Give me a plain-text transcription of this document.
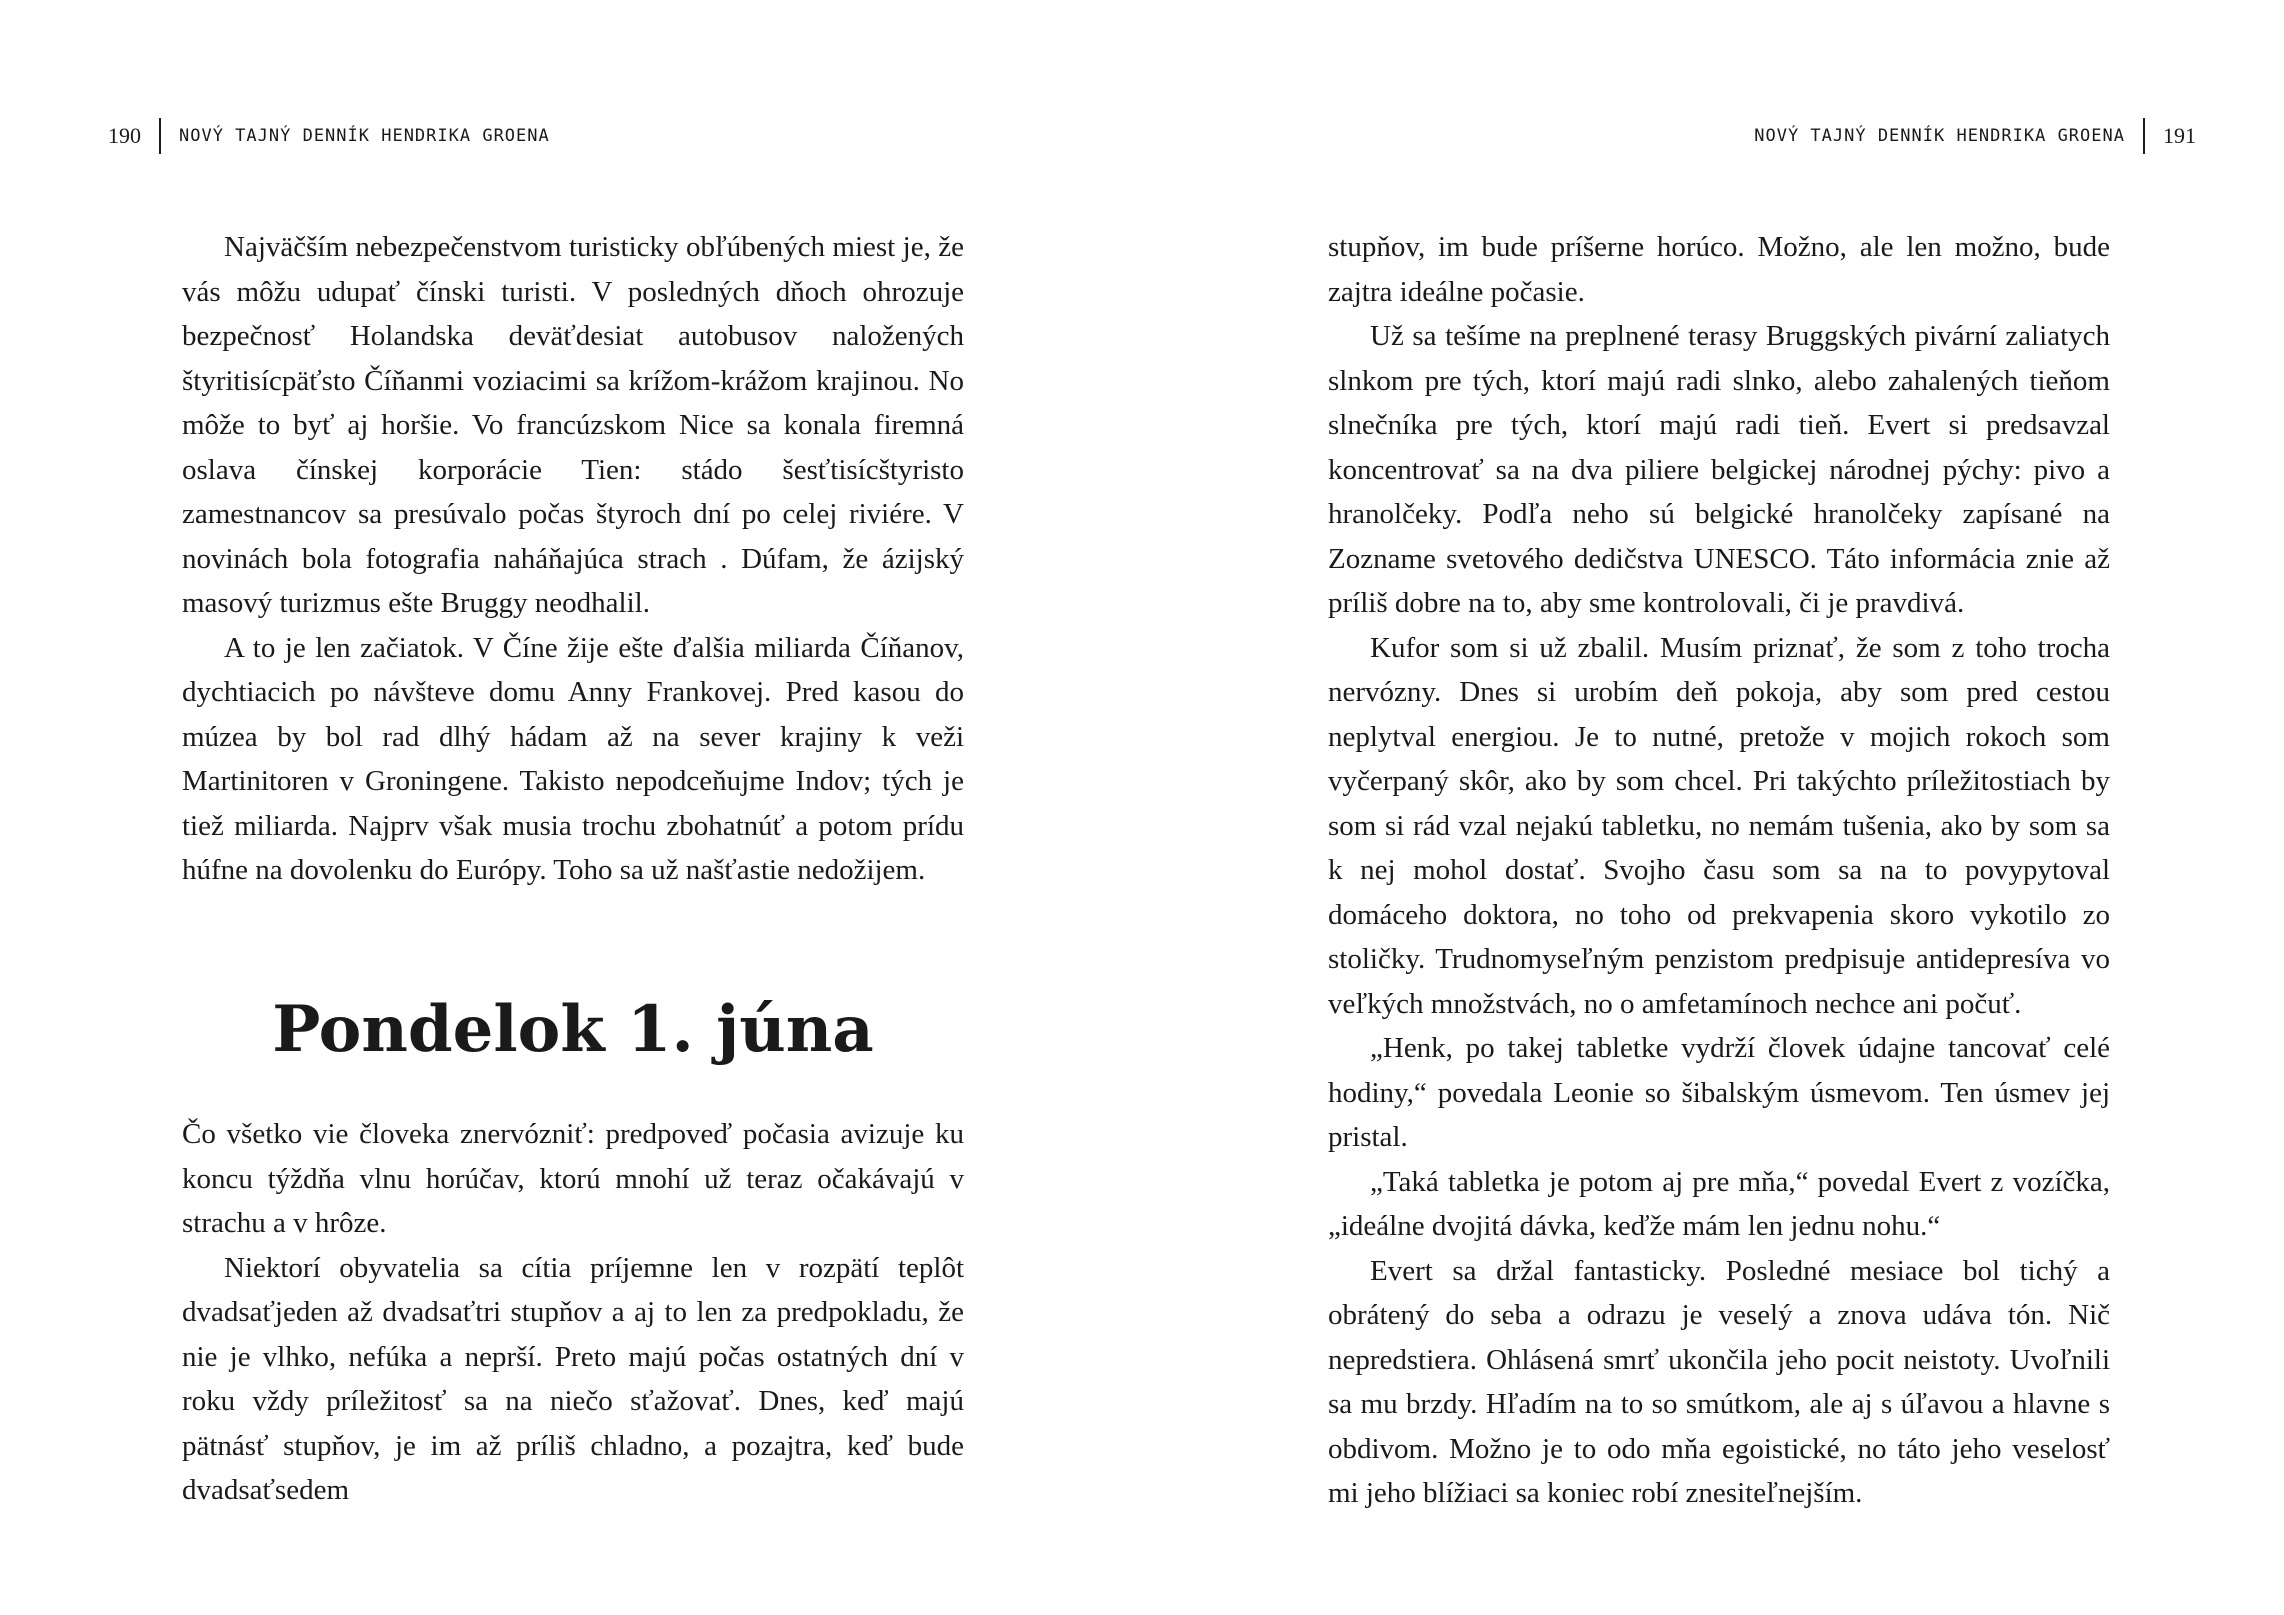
190 NOVÝ TAJNÝ DENNÍK HENDRIKA GROENA

Najväčším nebezpečenstvom turisticky obľúbených miest je, že vás môžu udupať čínski turisti. V posledných dňoch ohrozuje bezpečnosť Holandska deväťdesiat autobusov naložených štyritisícpäťsto Číňanmi voziacimi sa krížom-krážom krajinou. No môže to byť aj horšie. Vo francúzskom Nice sa konala firemná oslava čínskej korporácie Tien: stádo šesťtisícštyristo zamestnancov sa presúvalo počas štyroch dní po celej riviére. V novinách bola fotografia naháňajúca strach . Dúfam, že ázijský masový turizmus ešte Bruggy neodhalil.

A to je len začiatok. V Číne žije ešte ďalšia miliarda Číňanov, dychtiacich po návšteve domu Anny Frankovej. Pred kasou do múzea by bol rad dlhý hádam až na sever krajiny k veži Martinitoren v Groningene. Takisto nepodceňujme Indov; tých je tiež miliarda. Najprv však musia trochu zbohatnúť a potom prídu húfne na dovolenku do Európy. Toho sa už našťastie nedožijem.

Pondelok 1. júna

Čo všetko vie človeka znervózniť: predpoveď počasia avizuje ku koncu týždňa vlnu horúčav, ktorú mnohí už teraz očakávajú v strachu a v hrôze.

Niektorí obyvatelia sa cítia príjemne len v rozpätí teplôt dvadsaťjeden až dvadsaťtri stupňov a aj to len za predpokladu, že nie je vlhko, nefúka a neprší. Preto majú počas ostatných dní v roku vždy príležitosť sa na niečo sťažovať. Dnes, keď majú pätnásť stupňov, je im až príliš chladno, a pozajtra, keď bude dvadsaťsedem

NOVÝ TAJNÝ DENNÍK HENDRIKA GROENA 191

stupňov, im bude príšerne horúco. Možno, ale len možno, bude zajtra ideálne počasie.

Už sa tešíme na preplnené terasy Bruggských pivární zaliatych slnkom pre tých, ktorí majú radi slnko, alebo zahalených tieňom slnečníka pre tých, ktorí majú radi tieň. Evert si predsavzal koncentrovať sa na dva piliere belgickej národnej pýchy: pivo a hranolčeky. Podľa neho sú belgické hranolčeky zapísané na Zozname svetového dedičstva UNESCO. Táto informácia znie až príliš dobre na to, aby sme kontrolovali, či je pravdivá.

Kufor som si už zbalil. Musím priznať, že som z toho trocha nervózny. Dnes si urobím deň pokoja, aby som pred cestou neplytval energiou. Je to nutné, pretože v mojich rokoch som vyčerpaný skôr, ako by som chcel. Pri takýchto príležitostiach by som si rád vzal nejakú tabletku, no nemám tušenia, ako by som sa k nej mohol dostať. Svojho času som sa na to povypytoval domáceho doktora, no toho od prekvapenia skoro vykotilo zo stoličky. Trudnomyseľným penzistom predpisuje antidepresíva vo veľkých množstvách, no o amfetamínoch nechce ani počuť.

„Henk, po takej tabletke vydrží človek údajne tancovať celé hodiny,“ povedala Leonie so šibalským úsmevom. Ten úsmev jej pristal.

„Taká tabletka je potom aj pre mňa,“ povedal Evert z vozíčka, „ideálne dvojitá dávka, keďže mám len jednu nohu.“

Evert sa držal fantasticky. Posledné mesiace bol tichý a obrátený do seba a odrazu je veselý a znova udáva tón. Nič nepredstiera. Ohlásená smrť ukončila jeho pocit neistoty. Uvoľnili sa mu brzdy. Hľadím na to so smútkom, ale aj s úľavou a hlavne s obdivom. Možno je to odo mňa egoistické, no táto jeho veselosť mi jeho blížiaci sa koniec robí znesiteľnejším.
